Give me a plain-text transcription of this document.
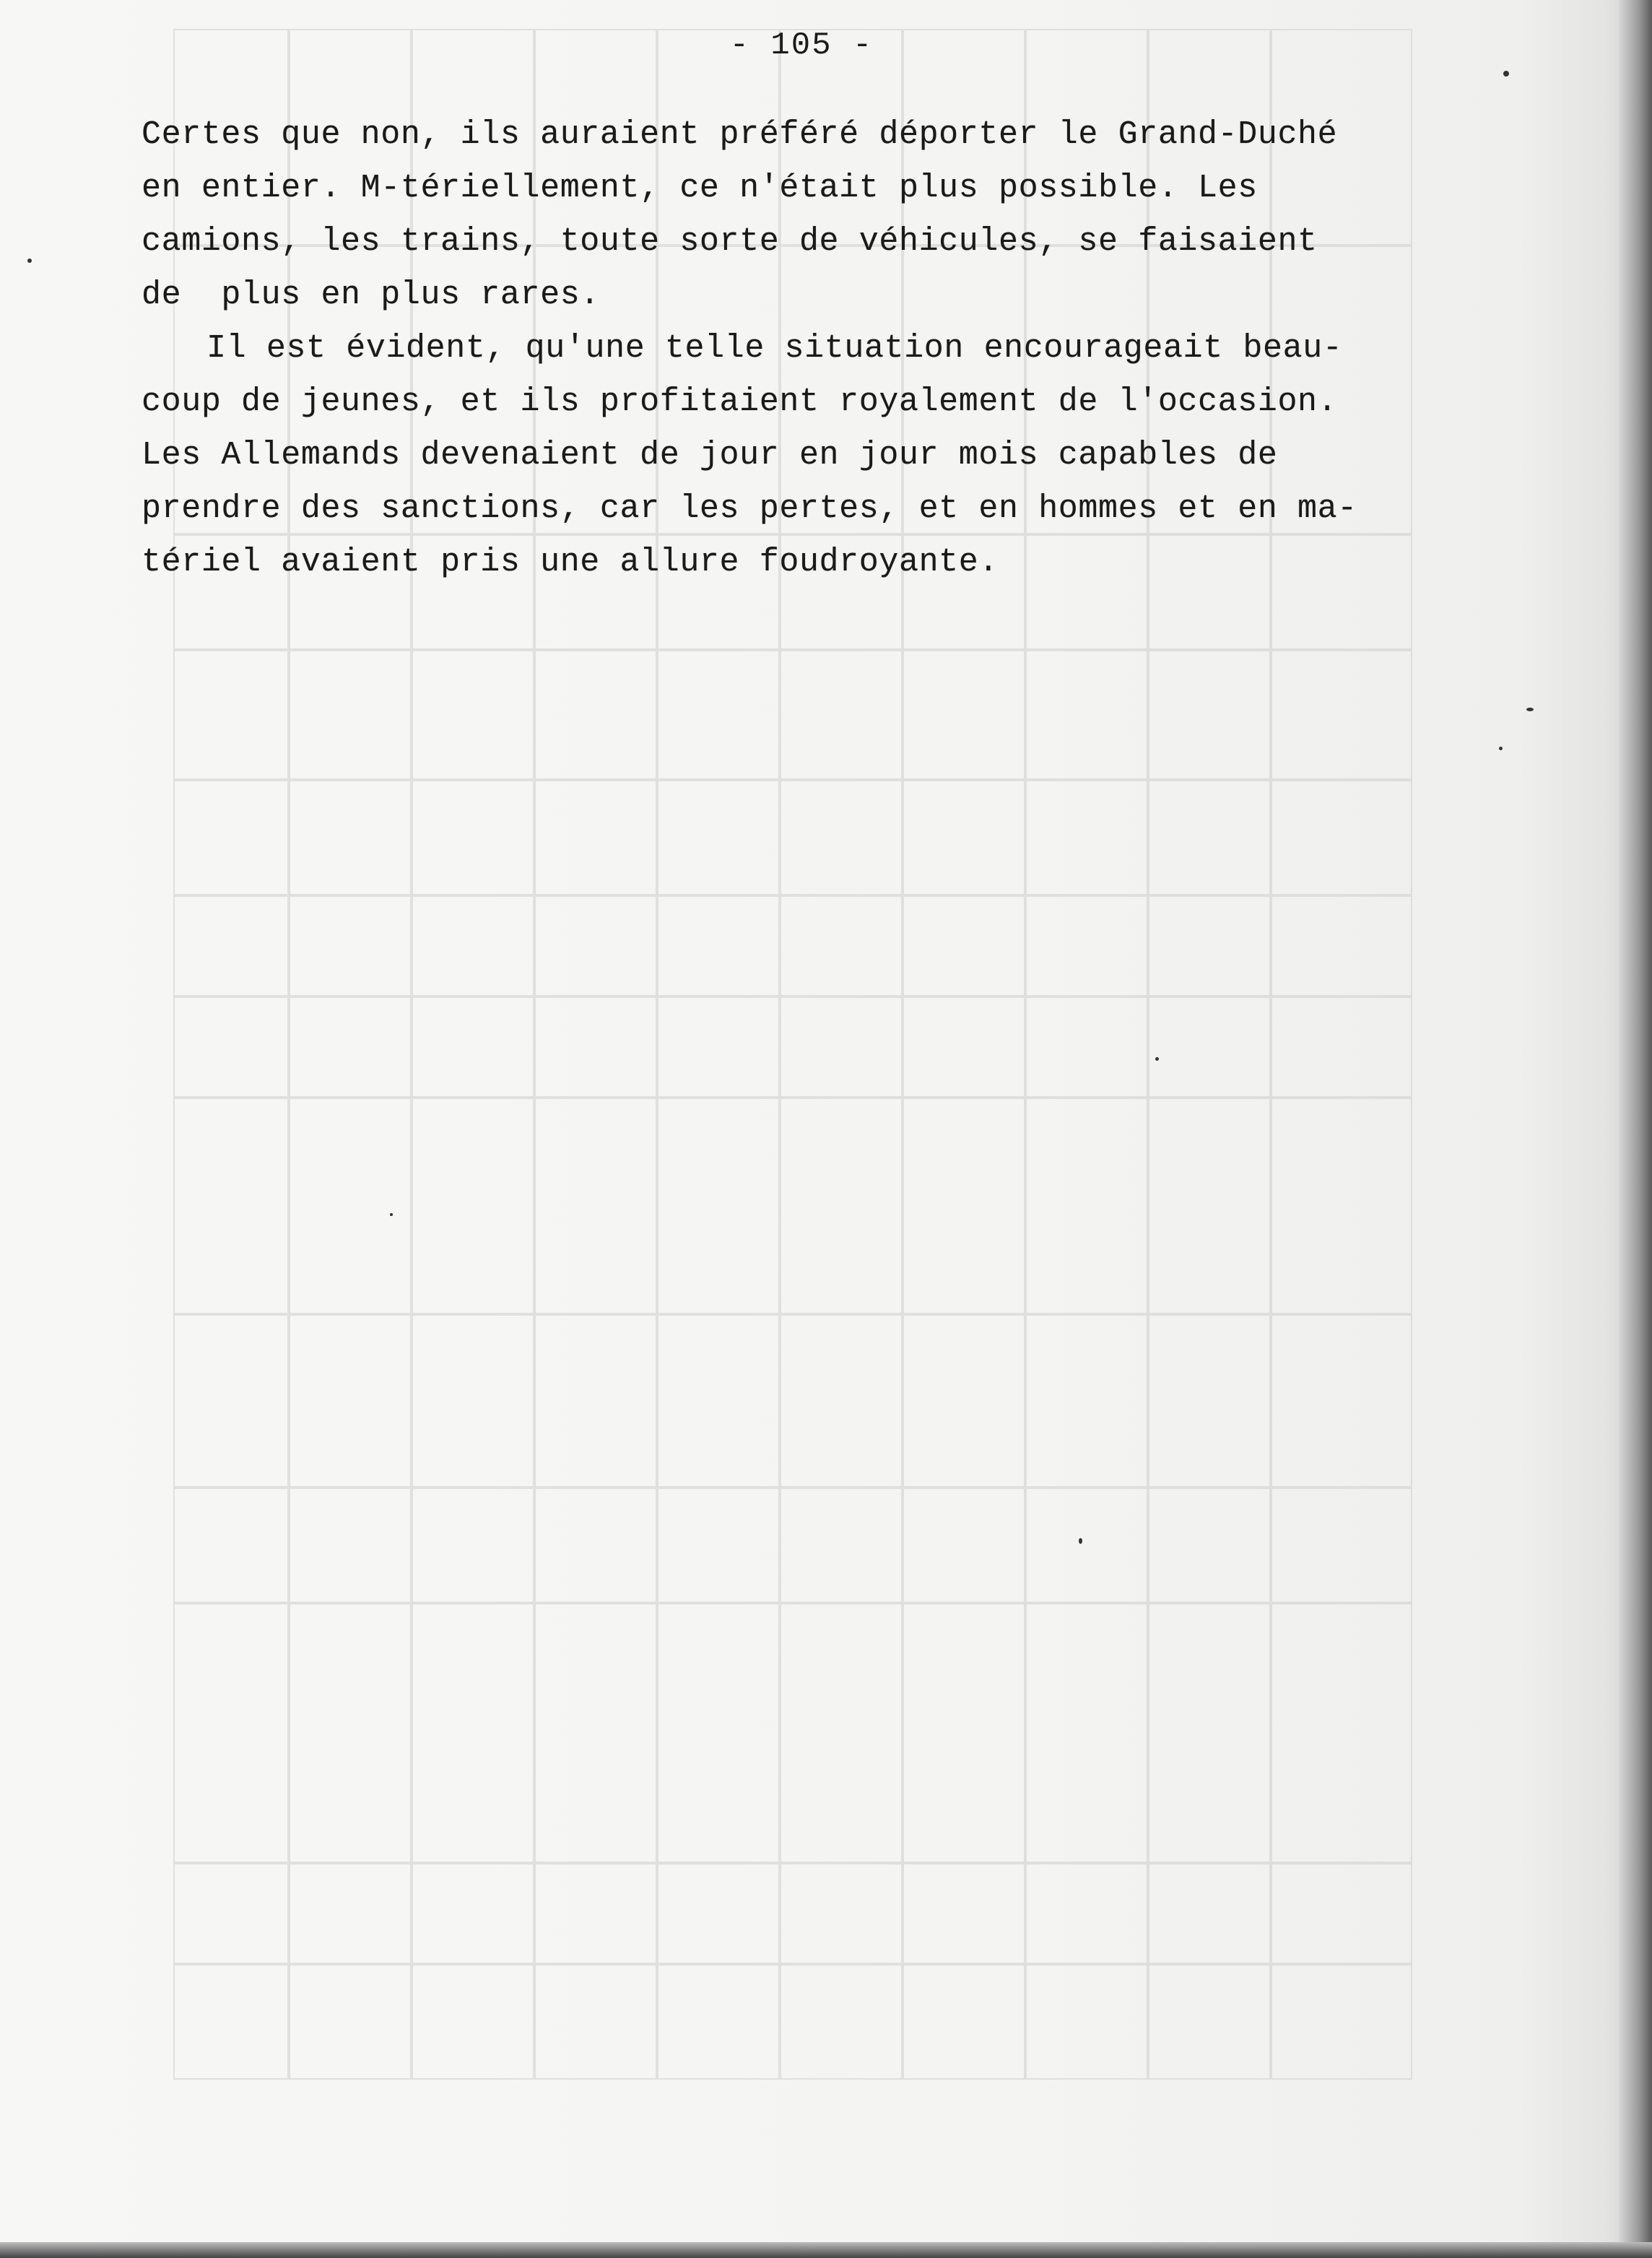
- 105 -
Certes que non, ils auraient préféré déporter le Grand-Duché
en entier. M-tériellement, ce n'était plus possible. Les
camions, les trains, toute sorte de véhicules, se faisaient
de  plus en plus rares.
Il est évident, qu'une telle situation encourageait beau-
coup de jeunes, et ils profitaient royalement de l'occasion.
Les Allemands devenaient de jour en jour mois capables de
prendre des sanctions, car les pertes, et en hommes et en ma-
tériel avaient pris une allure foudroyante.
